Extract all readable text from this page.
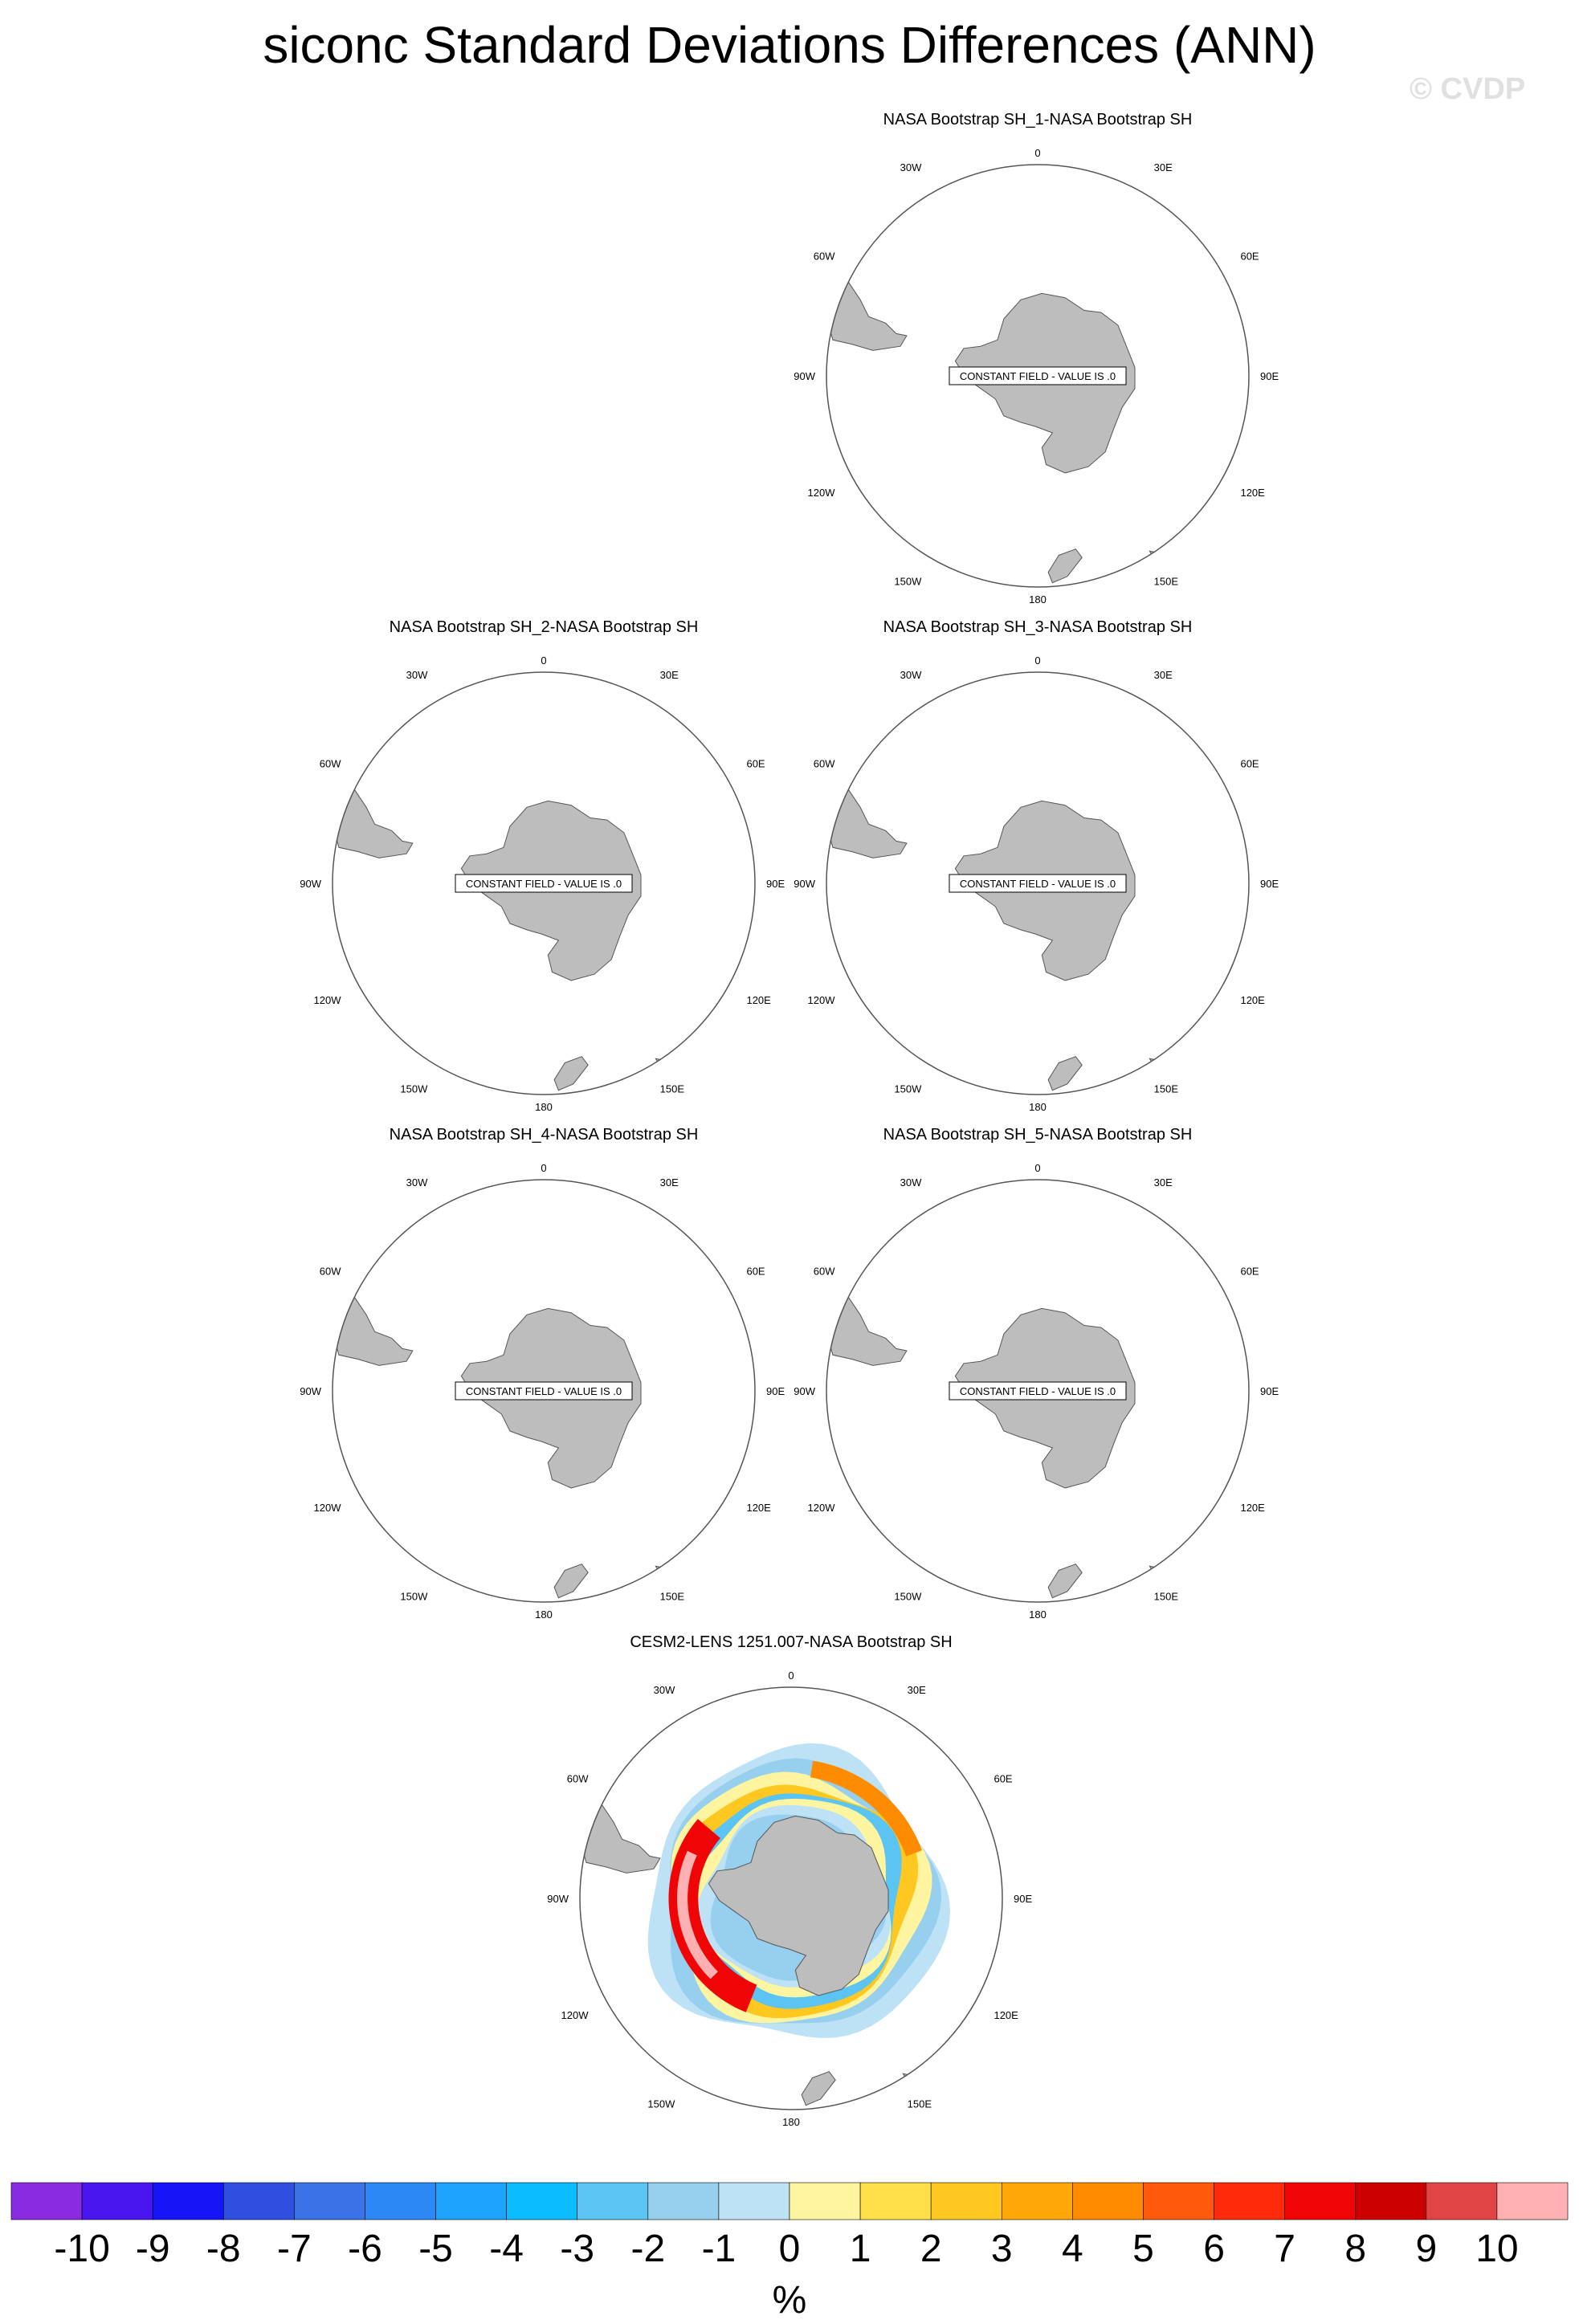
siconc Standard Deviations Differences (ANN)
© CVDP
NASA Bootstrap SH_1-NASA Bootstrap SH
0
180
90W	90E
30W	30E
60W	60E
120W	120E
150W	150E
CONSTANT FIELD - VALUE IS .0
NASA Bootstrap SH_2-NASA Bootstrap SH
0
180
90W	90E
30W	30E
60W	60E
120W	120E
150W	150E
CONSTANT FIELD - VALUE IS .0
NASA Bootstrap SH_3-NASA Bootstrap SH
0
180
90W	90E
30W	30E
60W	60E
120W	120E
150W	150E
CONSTANT FIELD - VALUE IS .0
NASA Bootstrap SH_4-NASA Bootstrap SH
0
180
90W	90E
30W	30E
60W	60E
120W	120E
150W	150E
CONSTANT FIELD - VALUE IS .0
NASA Bootstrap SH_5-NASA Bootstrap SH
0
180
90W	90E
30W	30E
60W	60E
120W	120E
150W	150E
CONSTANT FIELD - VALUE IS .0
CESM2-LENS 1251.007-NASA Bootstrap SH
0
180
90W	90E
30W	30E
60W	60E
120W	120E
150W	150E
-10 -9 -8 -7 -6 -5 -4 -3 -2 -1 0 1 2 3 4 5 6 7 8 9 10
%
